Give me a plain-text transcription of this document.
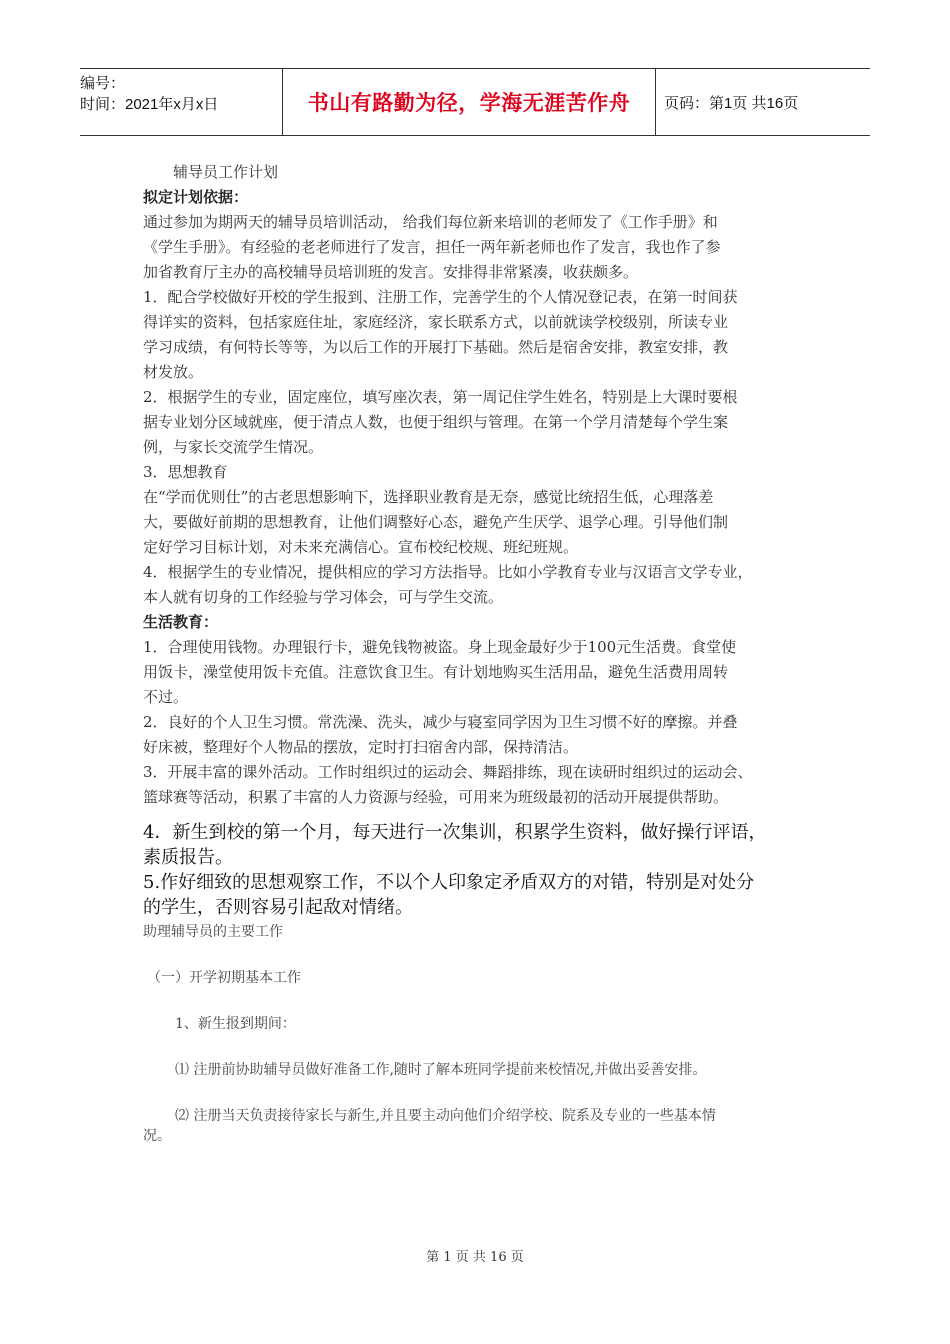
编号：
时间：2021年x月x日	书山有路勤为径，学海无涯苦作舟 页码：第1页 共16页

辅导员工作计划

拟定计划依据：

通过参加为期两天的辅导员培训活动， 给我们每位新来培训的老师发了《工作手册》和

《学生手册》。有经验的老老师进行了发言，担任一两年新老师也作了发言，我也作了参

加省教育厅主办的高校辅导员培训班的发言。安排得非常紧凑，收获颇多。

1．配合学校做好开校的学生报到、注册工作，完善学生的个人情况登记表，在第一时间获

得详实的资料，包括家庭住址，家庭经济，家长联系方式，以前就读学校级别，所读专业

学习成绩，有何特长等等，为以后工作的开展打下基础。然后是宿舍安排，教室安排，教

材发放。

2．根据学生的专业，固定座位，填写座次表，第一周记住学生姓名，特别是上大课时要根

据专业划分区域就座，便于清点人数，也便于组织与管理。在第一个学月清楚每个学生案

例，与家长交流学生情况。

3．思想教育

在“学而优则仕”的古老思想影响下，选择职业教育是无奈，感觉比统招生低，心理落差

大，要做好前期的思想教育，让他们调整好心态，避免产生厌学、退学心理。引导他们制

定好学习目标计划，对未来充满信心。宣布校纪校规、班纪班规。

4．根据学生的专业情况，提供相应的学习方法指导。比如小学教育专业与汉语言文学专业，

本人就有切身的工作经验与学习体会，可与学生交流。

生活教育：

1．合理使用钱物。办理银行卡，避免钱物被盗。身上现金最好少于100元生活费。食堂使

用饭卡，澡堂使用饭卡充值。注意饮食卫生。有计划地购买生活用品，避免生活费用周转

不过。

2．良好的个人卫生习惯。常洗澡、洗头，减少与寝室同学因为卫生习惯不好的摩擦。并叠

好床被，整理好个人物品的摆放，定时打扫宿舍内部，保持清洁。

3．开展丰富的课外活动。工作时组织过的运动会、舞蹈排练，现在读研时组织过的运动会、

篮球赛等活动，积累了丰富的人力资源与经验，可用来为班级最初的活动开展提供帮助。

4．新生到校的第一个月，每天进行一次集训，积累学生资料，做好操行评语，

素质报告。

5.作好细致的思想观察工作，不以个人印象定矛盾双方的对错，特别是对处分

的学生，否则容易引起敌对情绪。

助理辅导员的主要工作

（一）开学初期基本工作

1、新生报到期间：

⑴ 注册前协助辅导员做好准备工作,随时了解本班同学提前来校情况,并做出妥善安排。

⑵ 注册当天负责接待家长与新生,并且要主动向他们介绍学校、院系及专业的一些基本情

况。

第 1 页 共 16 页
